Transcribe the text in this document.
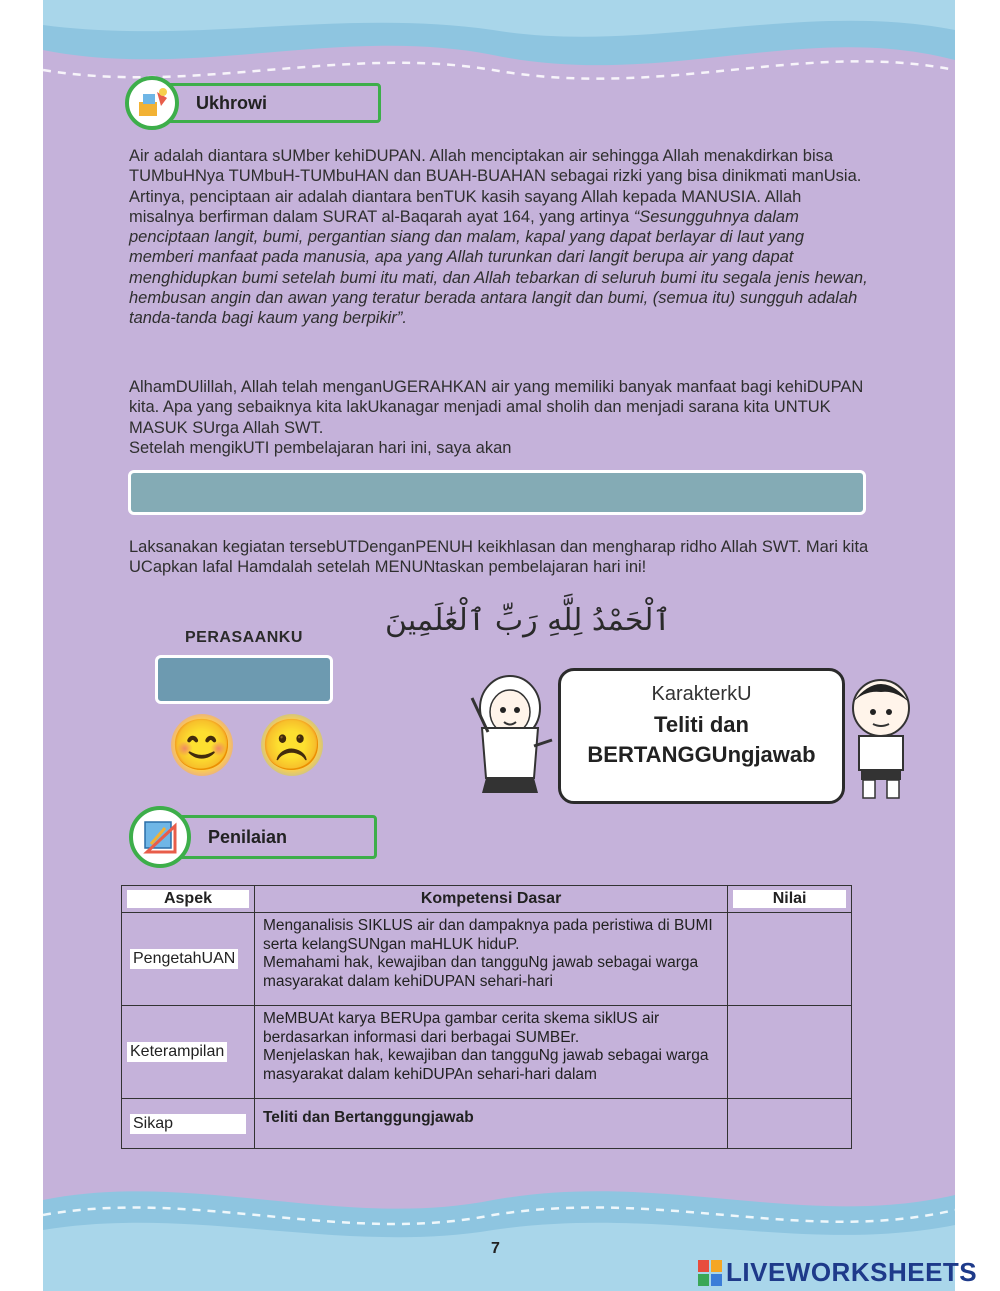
Ukhrowi

Air adalah diantara sUMber kehiDUPAN. Allah menciptakan air sehingga Allah menakdirkan bisa TUMbuHNya TUMbuH-TUMbuHAN dan BUAH-BUAHAN sebagai rizki yang bisa dinikmati manUsia. Artinya, penciptaan air adalah diantara benTUK kasih sayang Allah kepada MANUSIA. Allah misalnya berfirman dalam SURAT al-Baqarah ayat 164, yang artinya “Sesungguhnya dalam penciptaan langit, bumi, pergantian siang dan malam, kapal yang dapat berlayar di laut yang memberi manfaat pada manusia, apa yang Allah turunkan dari langit berupa air yang dapat menghidupkan bumi setelah bumi itu mati, dan Allah tebarkan di seluruh bumi itu segala jenis hewan, hembusan angin dan awan yang teratur berada antara langit dan bumi, (semua itu) sungguh adalah tanda-tanda bagi kaum yang berpikir”.

AlhamDUlillah, Allah telah menganUGERAHKAN air yang memiliki banyak manfaat bagi kehiDUPAN kita. Apa yang sebaiknya kita lakUkanagar menjadi amal sholih dan menjadi sarana kita UNTUK MASUK SUrga Allah SWT.

Setelah mengikUTI pembelajaran hari ini, saya akan

Laksanakan kegiatan tersebUTDenganPENUH keikhlasan dan mengharap ridho Allah SWT. Mari kita UCapkan lafal Hamdalah setelah MENUNtaskan pembelajaran hari ini!
ٱلْحَمْدُ لِلَّهِ رَبِّ ٱلْعَٰلَمِينَ
PERASAANKU
😊 ☹️
KarakterkU
Teliti dan
BERTANGGUngjawab
Penilaian
Aspek	Kompetensi Dasar	Nilai

PengetahUAN	Menganalisis SIKLUS air dan dampaknya pada peristiwa di BUMI serta kelangSUNgan maHLUK hiduP.

Memahami hak, kewajiban dan tangguNg jawab sebagai warga masyarakat dalam kehiDUPAN sehari-hari	

Keterampilan	MeMBUAt karya BERUpa gambar cerita skema siklUS air berdasarkan informasi dari berbagai SUMBEr.

Menjelaskan hak, kewajiban dan tangguNg jawab sebagai warga masyarakat dalam kehiDUPAn sehari-hari dalam	

Sikap	Teliti dan Bertanggungjawab	

7
LIVEWORKSHEETS
